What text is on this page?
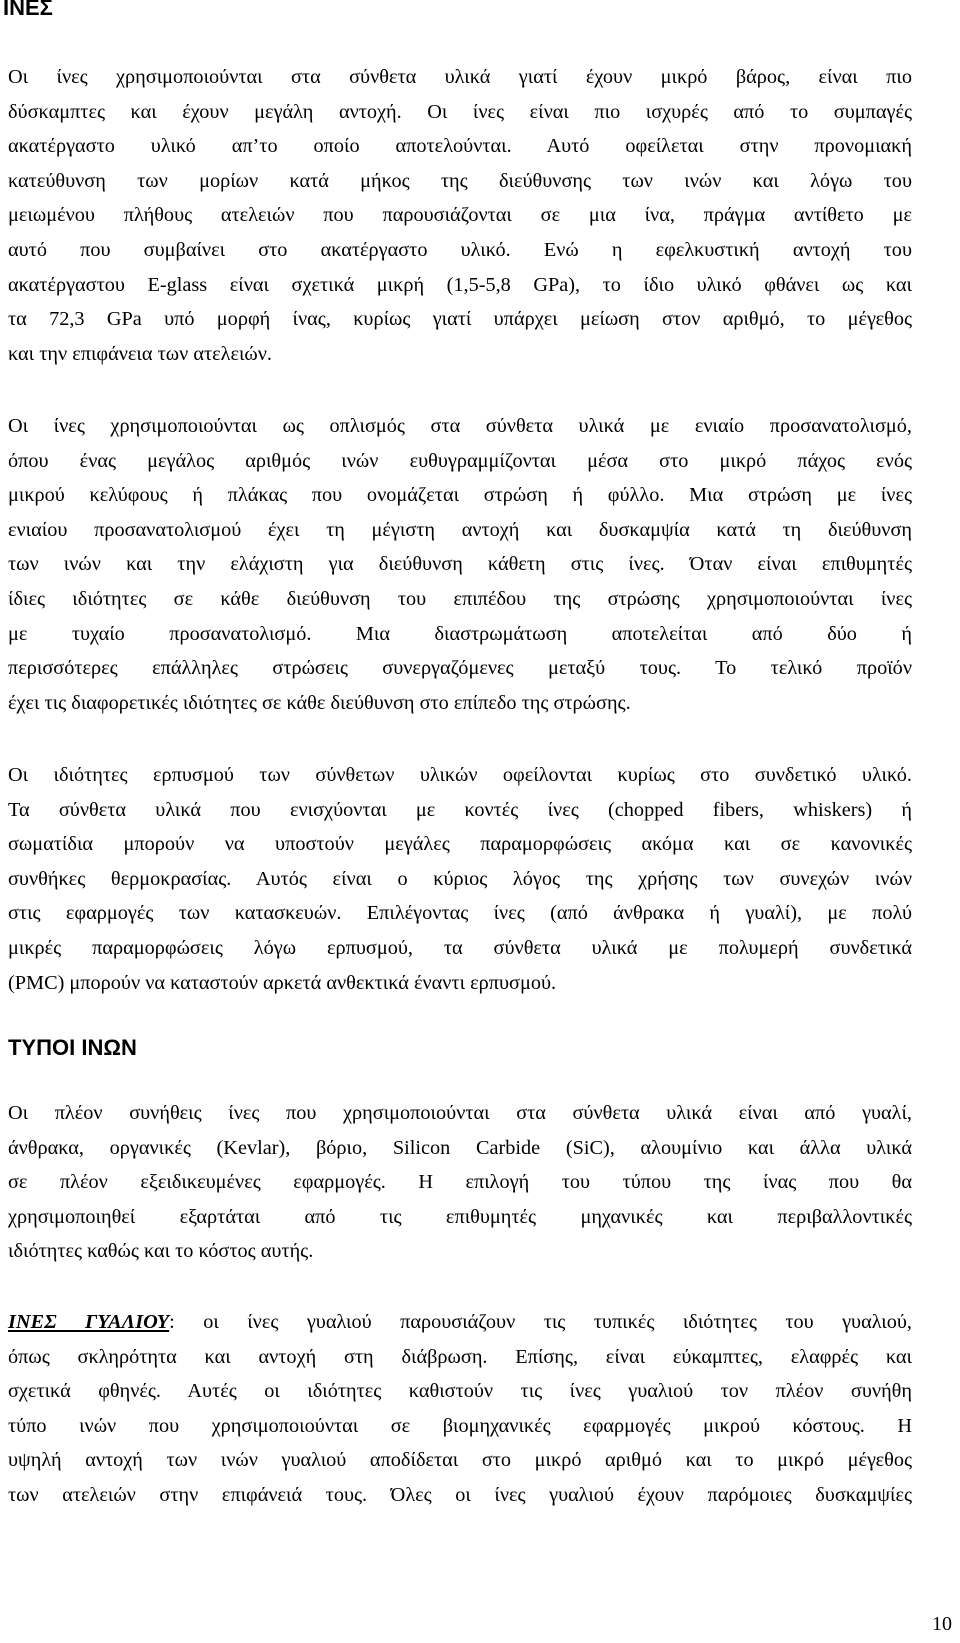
ΙΝΕΣ

Οι ίνες χρησιμοποιούνται στα σύνθετα υλικά γιατί έχουν μικρό βάρος, είναι πιο
δύσκαμπτες και έχουν μεγάλη αντοχή. Οι ίνες είναι πιο ισχυρές από το συμπαγές
ακατέργαστο υλικό απ’το οποίο αποτελούνται. Αυτό οφείλεται στην προνομιακή
κατεύθυνση των μορίων κατά μήκος της διεύθυνσης των ινών και λόγω του
μειωμένου πλήθους ατελειών που παρουσιάζονται σε μια ίνα, πράγμα αντίθετο με
αυτό που συμβαίνει στο ακατέργαστο υλικό. Ενώ η εφελκυστική αντοχή του
ακατέργαστου E-glass είναι σχετικά μικρή (1,5-5,8 GPa), το ίδιο υλικό φθάνει ως και
τα 72,3 GPa υπό μορφή ίνας, κυρίως γιατί υπάρχει μείωση στον αριθμό, το μέγεθος
και την επιφάνεια των ατελειών.

Οι ίνες χρησιμοποιούνται ως οπλισμός στα σύνθετα υλικά με ενιαίο προσανατολισμό,
όπου ένας μεγάλος αριθμός ινών ευθυγραμμίζονται μέσα στο μικρό πάχος ενός
μικρού κελύφους ή πλάκας που ονομάζεται στρώση ή φύλλο. Μια στρώση με ίνες
ενιαίου προσανατολισμού έχει τη μέγιστη αντοχή και δυσκαμψία κατά τη διεύθυνση
των ινών και την ελάχιστη για διεύθυνση κάθετη στις ίνες. Όταν είναι επιθυμητές
ίδιες ιδιότητες σε κάθε διεύθυνση του επιπέδου της στρώσης χρησιμοποιούνται ίνες
με τυχαίο προσανατολισμό. Μια διαστρωμάτωση αποτελείται από δύο ή
περισσότερες επάλληλες στρώσεις συνεργαζόμενες μεταξύ τους. Το τελικό προϊόν
έχει τις διαφορετικές ιδιότητες σε κάθε διεύθυνση στο επίπεδο της στρώσης.

Οι ιδιότητες ερπυσμού των σύνθετων υλικών οφείλονται κυρίως στο συνδετικό υλικό.
Τα σύνθετα υλικά που ενισχύονται με κοντές ίνες (chopped fibers, whiskers) ή
σωματίδια μπορούν να υποστούν μεγάλες παραμορφώσεις ακόμα και σε κανονικές
συνθήκες θερμοκρασίας. Αυτός είναι ο κύριος λόγος της χρήσης των συνεχών ινών
στις εφαρμογές των κατασκευών. Επιλέγοντας ίνες (από άνθρακα ή γυαλί), με πολύ
μικρές παραμορφώσεις λόγω ερπυσμού, τα σύνθετα υλικά με πολυμερή συνδετικά
(PMC) μπορούν να καταστούν αρκετά ανθεκτικά έναντι ερπυσμού.

ΤΥΠΟΙ ΙΝΩΝ

Οι πλέον συνήθεις ίνες που χρησιμοποιούνται στα σύνθετα υλικά είναι από γυαλί,
άνθρακα, οργανικές (Kevlar), βόριο, Silicon Carbide (SiC), αλουμίνιο και άλλα υλικά
σε πλέον εξειδικευμένες εφαρμογές. Η επιλογή του τύπου της ίνας που θα
χρησιμοποιηθεί εξαρτάται από τις επιθυμητές μηχανικές και περιβαλλοντικές
ιδιότητες καθώς και το κόστος αυτής.

ΙΝΕΣ ΓΥΑΛΙΟΥ: οι ίνες γυαλιού παρουσιάζουν τις τυπικές ιδιότητες του γυαλιού,
όπως σκληρότητα και αντοχή στη διάβρωση. Επίσης, είναι εύκαμπτες, ελαφρές και
σχετικά φθηνές. Αυτές οι ιδιότητες καθιστούν τις ίνες γυαλιού τον πλέον συνήθη
τύπο ινών που χρησιμοποιούνται σε βιομηχανικές εφαρμογές μικρού κόστους. Η
υψηλή αντοχή των ινών γυαλιού αποδίδεται στο μικρό αριθμό και το μικρό μέγεθος
των ατελειών στην επιφάνειά τους. Όλες οι ίνες γυαλιού έχουν παρόμοιες δυσκαμψίες

10
